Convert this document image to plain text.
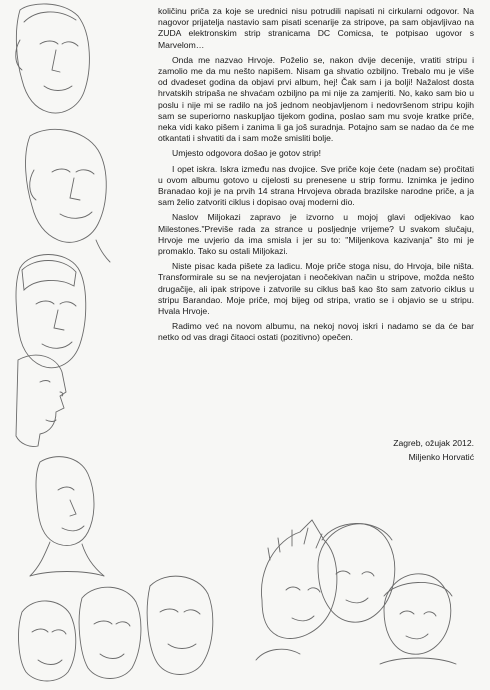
količinu priča za koje se urednici nisu potrudili napisati ni cirkularni odgovor. Na nagovor prijatelja nastavio sam pisati scenarije za stripove, pa sam objavljivao na ZUDA elektronskim strip stranicama DC Comicsa, te potpisao ugovor s Marvelom…

Onda me nazvao Hrvoje. Poželio se, nakon dvije decenije, vratiti stripu i zamolio me da mu nešto napišem. Nisam ga shvatio ozbiljno. Trebalo mu je više od dvadeset godina da objavi prvi album, hej! Čak sam i ja bolji! Nažalost dosta hrvatskih stripaša ne shvaćam ozbiljno pa mi nije za zamjeriti. No, kako sam bio u poslu i nije mi se radilo na još jednom neobjavljenom i nedovršenom stripu kojih sam se superiorno naskupljao tijekom godina, poslao sam mu svoje kratke priče, neka vidi kako pišem i zanima li ga još suradnja. Potajno sam se nadao da će me otkantati i shvatiti da i sam može smisliti bolje.

Umjesto odgovora došao je gotov strip!

I opet iskra. Iskra između nas dvojice. Sve priče koje ćete (nadam se) pročitati u ovom albumu gotovo u cijelosti su prenesene u strip formu. Iznimka je jedino Branadao koji je na prvih 14 strana Hrvojeva obrada brazilske narodne priče, a ja sam želio zatvoriti ciklus i dopisao ovaj moderni dio.

Naslov Miljokazi zapravo je izvorno u mojoj glavi odjekivao kao Milestones."Previše rada za strance u posljednje vrijeme? U svakom slučaju, Hrvoje me uvjerio da ima smisla i jer su to: "Miljenkova kazivanja" što mi je promaklo. Tako su ostali Miljokazi.

Niste pisac kada pišete za ladicu. Moje priče stoga nisu, do Hrvoja, bile ništa. Transformirale su se na nevjerojatan i neočekivan način u stripove, možda nešto drugačije, ali ipak stripove i zatvorile su ciklus baš kao što sam zatvorio ciklus u stripu Barandao. Moje priče, moj bijeg od stripa, vratio se i objavio se u stripu. Hvala Hrvoje.

Radimo već na novom albumu, na nekoj novoj iskri i nadamo se da će bar netko od vas dragi čitaoci ostati (pozitivno) opečen.

Zagreb, ožujak 2012.
Miljenko Horvatić
